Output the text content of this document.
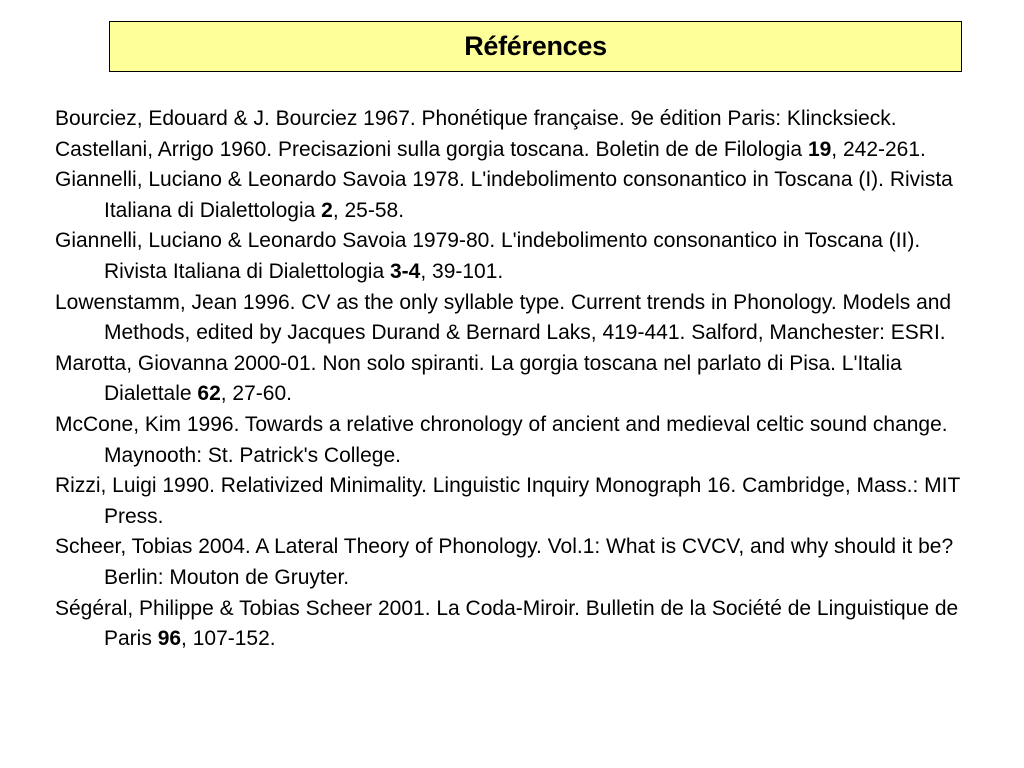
Références
Bourciez, Edouard & J. Bourciez 1967. Phonétique française. 9e édition Paris: Klincksieck.
Castellani, Arrigo 1960. Precisazioni sulla gorgia toscana. Boletin de de Filologia 19, 242-261.
Giannelli, Luciano & Leonardo Savoia 1978. L'indebolimento consonantico in Toscana (I). Rivista Italiana di Dialettologia 2, 25-58.
Giannelli, Luciano & Leonardo Savoia 1979-80. L'indebolimento consonantico in Toscana (II). Rivista Italiana di Dialettologia 3-4, 39-101.
Lowenstamm, Jean 1996. CV as the only syllable type. Current trends in Phonology. Models and Methods, edited by Jacques Durand & Bernard Laks, 419-441. Salford, Manchester: ESRI.
Marotta, Giovanna 2000-01. Non solo spiranti. La gorgia toscana nel parlato di Pisa. L'Italia Dialettale 62, 27-60.
McCone, Kim 1996. Towards a relative chronology of ancient and medieval celtic sound change. Maynooth: St. Patrick's College.
Rizzi, Luigi 1990. Relativized Minimality. Linguistic Inquiry Monograph 16. Cambridge, Mass.: MIT Press.
Scheer, Tobias 2004. A Lateral Theory of Phonology. Vol.1: What is CVCV, and why should it be? Berlin: Mouton de Gruyter.
Ségéral, Philippe & Tobias Scheer 2001. La Coda-Miroir. Bulletin de la Société de Linguistique de Paris 96, 107-152.
